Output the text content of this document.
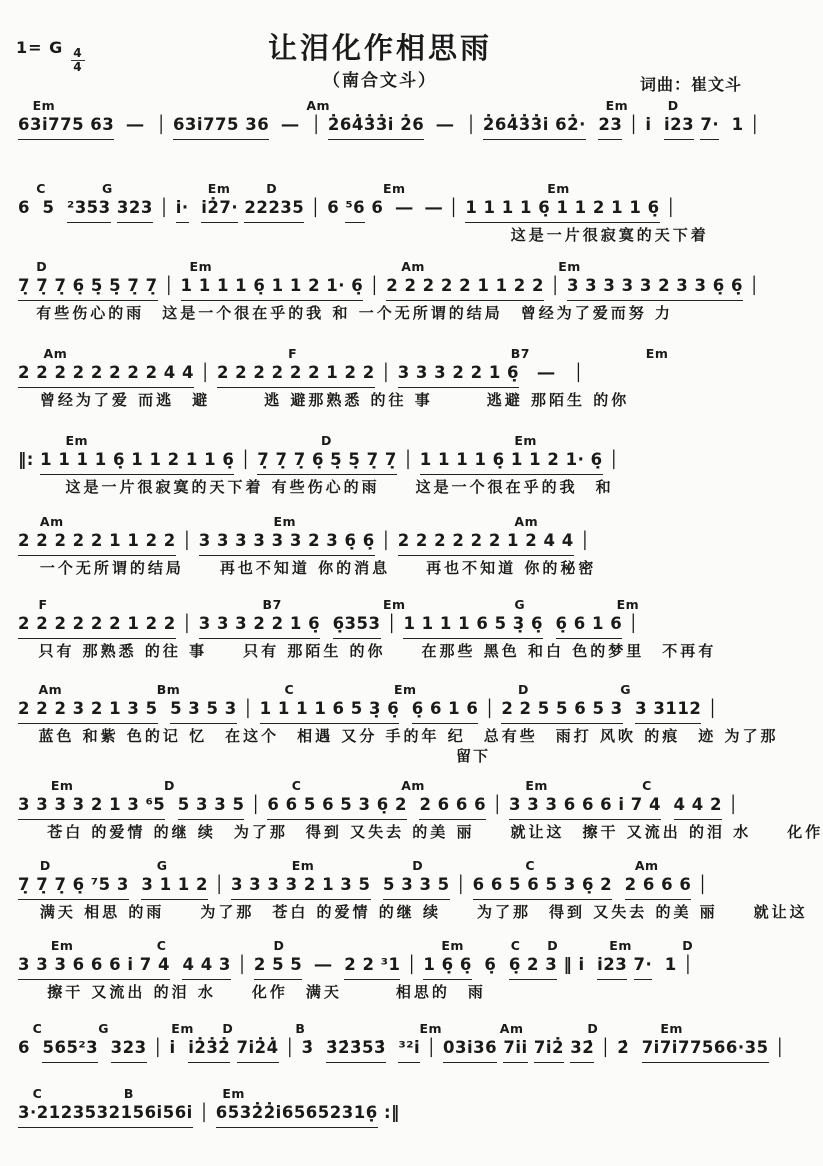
1= G $\frac{4}{4}$	让泪化作相思雨
（南合文斗）	词曲：崔文斗
Em	Am	Em	D
63i775 63 ― │ 63i775 36 ― │ 2̇64̇3̇3̇i 2̇6 ― │ 2̇64̇3̇3̇i 62̇· 23 │ i i23 7· 1 │
C	G	Em	D	Em	Em
6 5 ²353 323 │ i· i2̇7· 22235 │ 6 ⁵6 6 ― ― │ 1 1 1 1 6̣ 1 1 2 1 1 6̣ │
这是一片很寂寞的天下着
D	Em	Am	Em
7̣ 7̣ 7̣ 6̣ 5̣ 5̣ 7̣ 7̣ │ 1 1 1 1 6̣ 1 1 2 1· 6̣ │ 2 2 2 2 2 1 1 2 2 │ 3 3 3 3 3 2 3 3 6̣ 6̣ │
有些伤心的雨　这是一个很在乎的我 和 一个无所谓的结局　曾经为了爱而努 力
Am	F	B7	Em
2 2 2 2 2 2 2 2 4 4 │ 2 2 2 2 2 2 1 2 2 │ 3 3 3 2 2 1 6̣ ― │
曾经为了爱 而逃　避　　　逃 避那熟悉 的往 事　　　逃避 那陌生 的你
Em	D	Em
‖: 1 1 1 1 6̣ 1 1 2 1 1 6̣ │ 7̣ 7̣ 7̣ 6̣ 5̣ 5̣ 7̣ 7̣ │ 1 1 1 1 6̣ 1 1 2 1· 6̣ │
这是一片很寂寞的天下着 有些伤心的雨　　这是一个很在乎的我　和
Am	Em	Am
2 2 2 2 2 1 1 2 2 │ 3 3 3 3 3 3 2 3 6̣ 6̣ │ 2 2 2 2 2 2 1 2 4 4 │
一个无所谓的结局　　再也不知道 你的消息　　再也不知道 你的秘密
F	B7	Em	G	Em
2 2 2 2 2 2 1 2 2 │ 3 3 3 2 2 1 6̣ 6̣353 │ 1 1 1 1 6 5 3̣ 6̣ 6̣ 6 1 6 │
只有 那熟悉 的往 事　　只有 那陌生 的你　　在那些 黑色 和白 色的梦里　不再有
Am	Bm	C	Em	D	G
2 2 2 3 2 1 3 5 5 3 5 3 │ 1 1 1 1 6 5 3̣ 6̣ 6̣ 6 1 6 │ 2 2 5 5 6 5 3 3 3112 │
蓝色 和紫 色的记 忆　在这个　相遇 又分 手的年 纪　总有些　雨打 风吹 的痕　迹 为了那
留下
Em	D	C	Am	Em	C
3 3 3 3 2 1 3 ⁶5 5 3 3 5 │ 6 6 5 6 5 3 6̣ 2 2 6 6 6 │ 3 3 3 6 6 6 i 7 4 4 4 2 │
苍白 的爱情 的继 续　为了那　得到 又失去 的美 丽　　就让这　擦干 又流出 的泪 水　　化作
D	G	Em	D	C	Am
7̣ 7̣ 7̣ 6̣ ⁷5 3 3 1 1 2 │ 3 3 3 3 2 1 3 5 5 3 3 5 │ 6 6 5 6 5 3 6̣ 2 2 6 6 6 │
满天 相思 的雨　　为了那　苍白 的爱情 的继 续　　为了那　得到 又失去 的美 丽　　就让这
Em	C	D	Em	C D	Em	D
3 3 3 6 6 6 i 7 4 4 4 3 │ 2 5 5 ― 2 2 ³1 │ 1 6̣ 6̣ 6̣ 6̣ 2 3 ‖ i i23 7· 1 │
擦干 又流出 的泪 水　　化作　满天　　　相思的　雨
C	G	Em D	B	Em	Am	D	Em
6 565²3 323 │ i i2̇3̇2̇ 7i2̇4̇ │ 3̇ 3̇2̇3̇53̇ ³²i │ 03i36 7ii 7i2̇ 32̇ │ 2̇ 7i7i77566·35 │
C	B	Em
3·2123532156i56i │ 6532̇2̇i65652316̣ :‖
